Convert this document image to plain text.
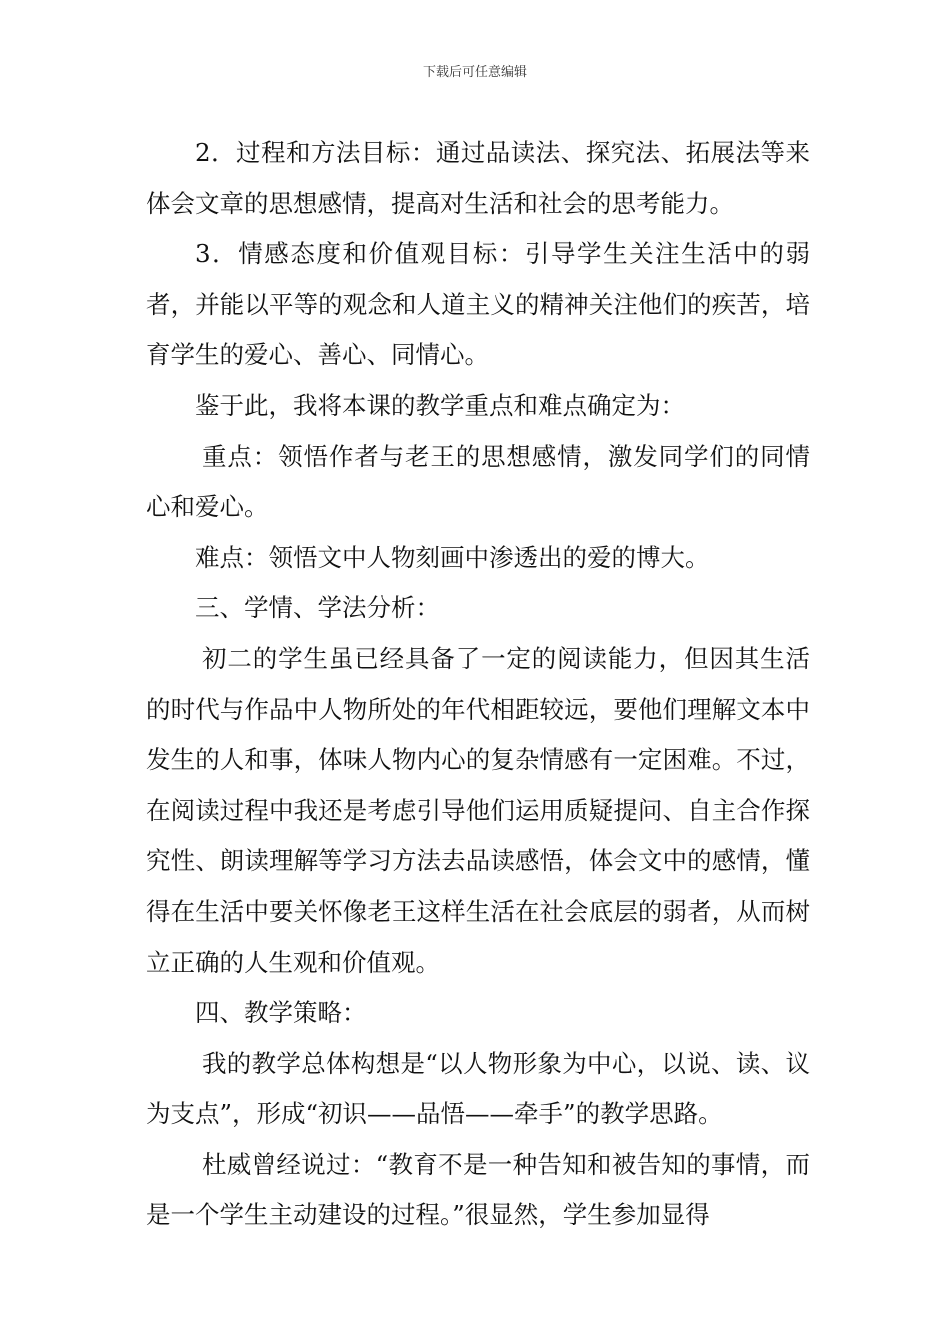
下载后可任意编辑

2．过程和方法目标：通过品读法、探究法、拓展法等来体会文章的思想感情，提高对生活和社会的思考能力。

3．情感态度和价值观目标：引导学生关注生活中的弱者，并能以平等的观念和人道主义的精神关注他们的疾苦，培育学生的爱心、善心、同情心。

鉴于此，我将本课的教学重点和难点确定为：

重点：领悟作者与老王的思想感情，激发同学们的同情心和爱心。

难点：领悟文中人物刻画中渗透出的爱的博大。

三、学情、学法分析：

初二的学生虽已经具备了一定的阅读能力，但因其生活的时代与作品中人物所处的年代相距较远，要他们理解文本中发生的人和事，体味人物内心的复杂情感有一定困难。不过，在阅读过程中我还是考虑引导他们运用质疑提问、自主合作探究性、朗读理解等学习方法去品读感悟，体会文中的感情，懂得在生活中要关怀像老王这样生活在社会底层的弱者，从而树立正确的人生观和价值观。

四、教学策略：

我的教学总体构想是“以人物形象为中心，以说、读、议为支点”，形成“初识——品悟——牵手”的教学思路。

杜威曾经说过：“教育不是一种告知和被告知的事情，而是一个学生主动建设的过程。”很显然，学生参加显得
